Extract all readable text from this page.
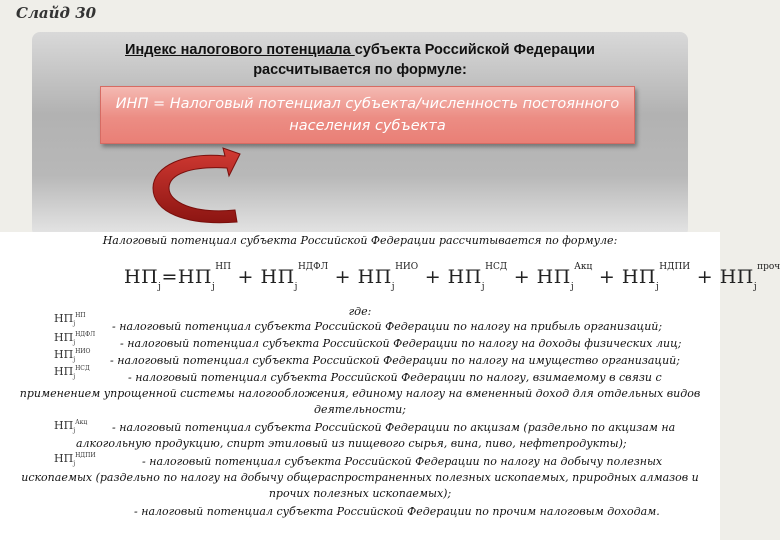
Слайд 30
Индекс налогового потенциала субъекта Российской Федерации
рассчитывается по формуле:
ИНП = Налоговый потенциал субъекта/численность постоянного населения субъекта
Налоговый потенциал субъекта Российской Федерации рассчитывается по формуле:
$НП_j=НП_j^{НП} + НП_j^{НДФЛ} + НП_j^{НИО} + НП_j^{НСД} + НП_j^{Акц} + НП_j^{НДПИ} + НП_j^{проч}$
где:
$НП_j^{НП}$
$НП_j^{НДФЛ}$
$НП_j^{НИО}$
$НП_j^{НСД}$
$НП_j^{Акц}$
$НП_j^{НДПИ}$
- налоговый потенциал субъекта Российской Федерации по налогу на прибыль организаций;
- налоговый потенциал субъекта Российской Федерации по налогу на доходы физических лиц;
- налоговый потенциал субъекта Российской Федерации по налогу на имущество организаций;
- налоговый потенциал субъекта Российской Федерации по налогу, взимаемому в связи с
применением упрощенной системы налогообложения, единому налогу на вмененный доход для отдельных видов
деятельности;
- налоговый потенциал субъекта Российской Федерации по акцизам (раздельно по акцизам на
алкогольную продукцию, спирт этиловый из пищевого сырья, вина, пиво, нефтепродукты);
- налоговый потенциал субъекта Российской Федерации по налогу на добычу полезных
ископаемых (раздельно по налогу на добычу общераспространенных полезных ископаемых, природных алмазов и
прочих полезных ископаемых);
- налоговый потенциал субъекта Российской Федерации по прочим налоговым доходам.
